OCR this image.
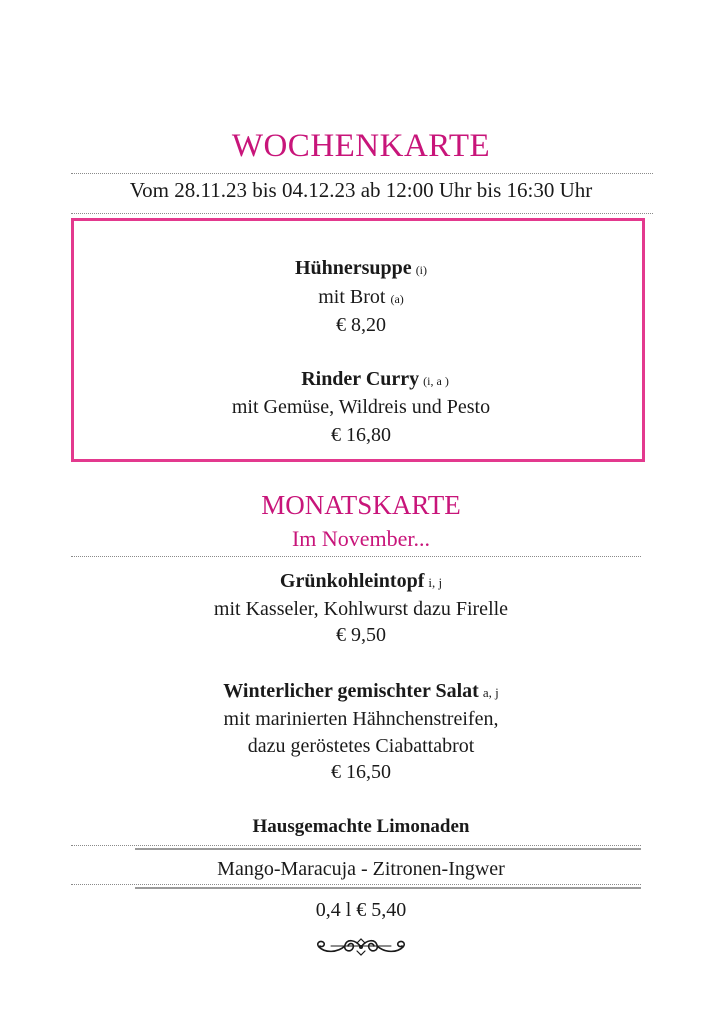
WOCHENKARTE
Vom 28.11.23 bis 04.12.23 ab 12:00 Uhr bis 16:30 Uhr
Hühnersuppe (i)
mit Brot (a)
€ 8,20
Rinder Curry (i, a )
mit Gemüse, Wildreis und Pesto
€ 16,80
MONATSKARTE
Im November...
Grünkohleintopf i, j
mit Kasseler, Kohlwurst dazu Firelle
€ 9,50
Winterlicher gemischter Salat a, j
mit marinierten Hähnchenstreifen,
dazu geröstetes Ciabattabrot
€ 16,50
Hausgemachte Limonaden
Mango-Maracuja - Zitronen-Ingwer
0,4 l € 5,40
